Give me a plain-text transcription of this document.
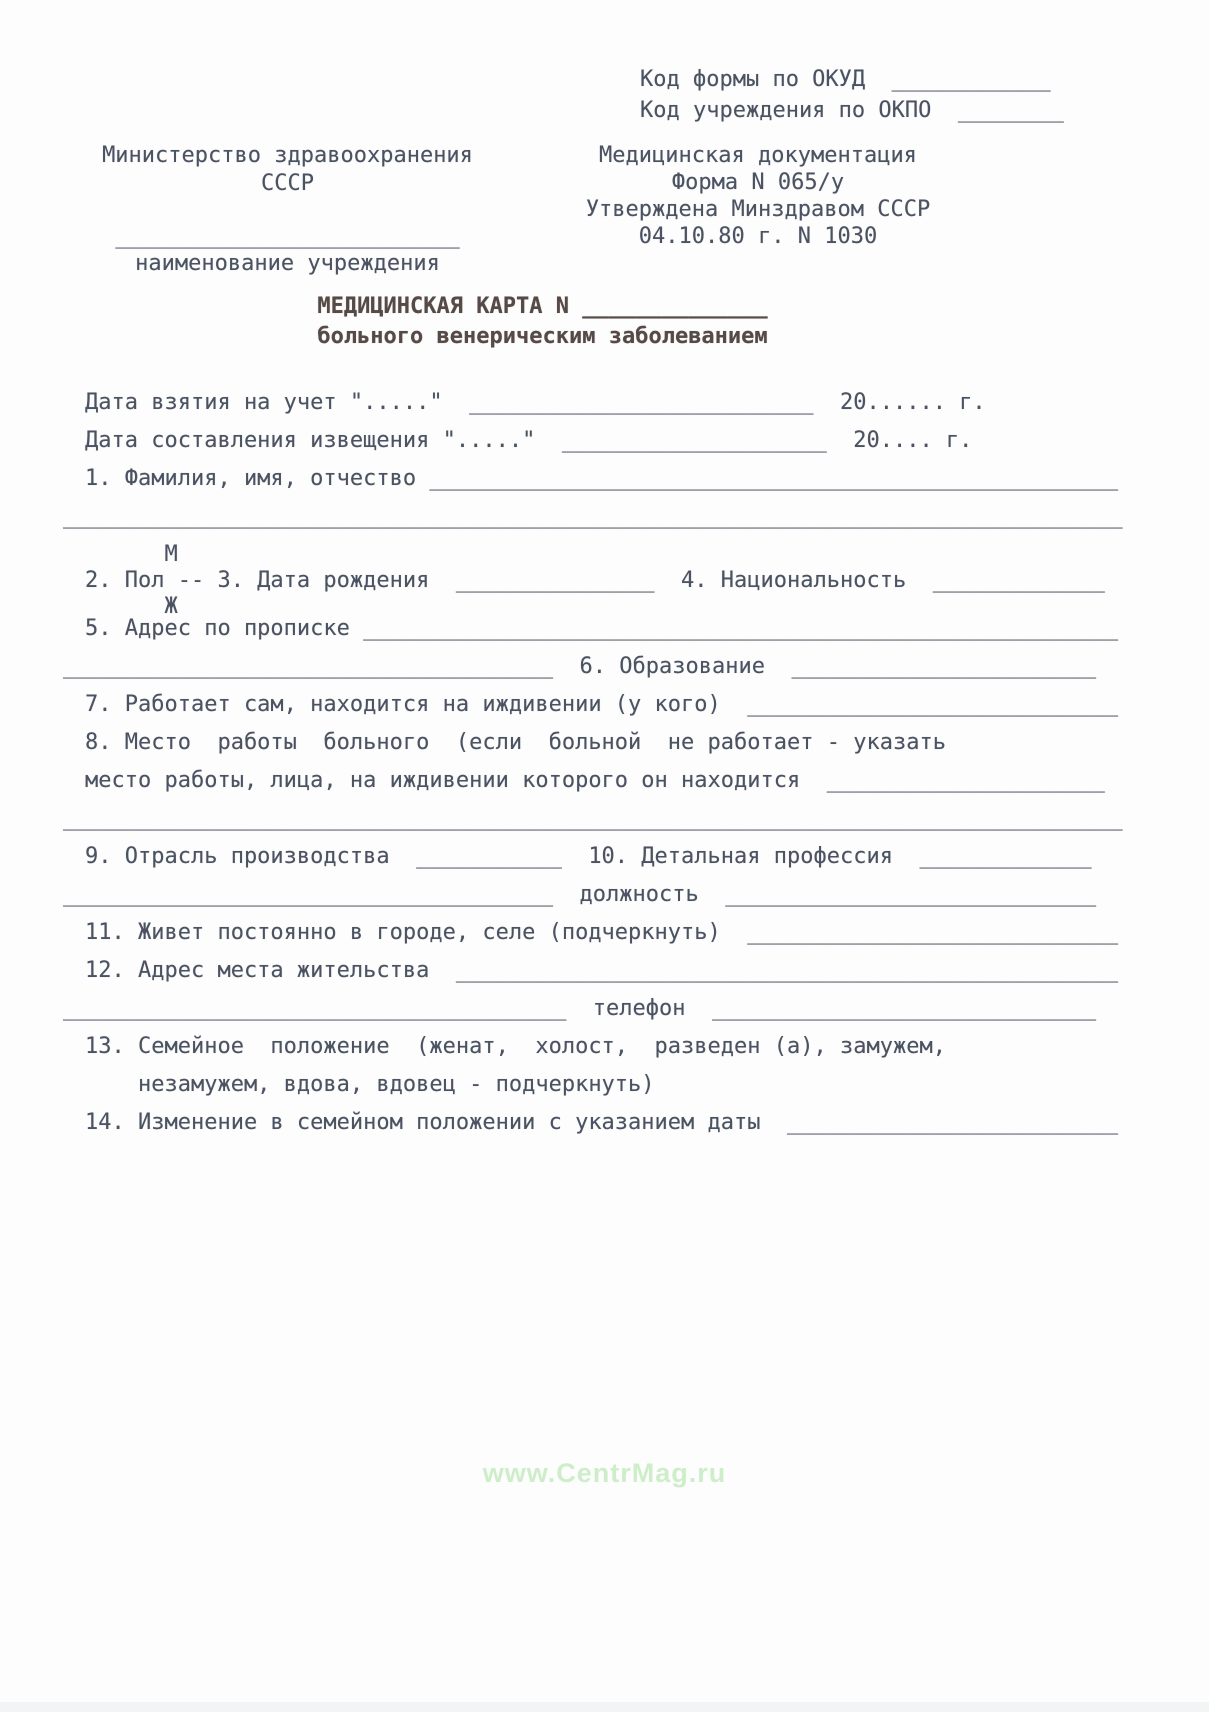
Код формы по ОКУД  ____________
Код учреждения по ОКПО  ________
Министерство здравоохранения
СССР
__________________________
наименование учреждения
Медицинская документация
Форма N 065/у
Утверждена Минздравом СССР
04.10.80 г. N 1030
МЕДИЦИНСКАЯ КАРТА N ______________
больного венерическим заболеванием
Дата взятия на учет "....."  __________________________  20...... г.
Дата составления извещения "....."  ____________________  20.... г.
1. Фамилия, имя, отчество ____________________________________________________
________________________________________________________________________________
М
2. Пол -- 3. Дата рождения  _______________  4. Национальность  _____________
Ж
5. Адрес по прописке _________________________________________________________
_____________________________________  6. Образование  _______________________
7. Работает сам, находится на иждивении (у кого)  ____________________________
8. Место  работы  больного  (если  больной  не работает - указать
место работы, лица, на иждивении которого он находится  _____________________
________________________________________________________________________________
9. Отрасль производства  ___________  10. Детальная профессия  _____________
_____________________________________  должность  ____________________________
11. Живет постоянно в городе, селе (подчеркнуть)  ____________________________
12. Адрес места жительства  __________________________________________________
______________________________________  телефон  _____________________________
13. Семейное  положение  (женат,  холост,  разведен (а), замужем,
незамужем, вдова, вдовец - подчеркнуть)
14. Изменение в семейном положении с указанием даты  _________________________
www.CentrMag.ru
